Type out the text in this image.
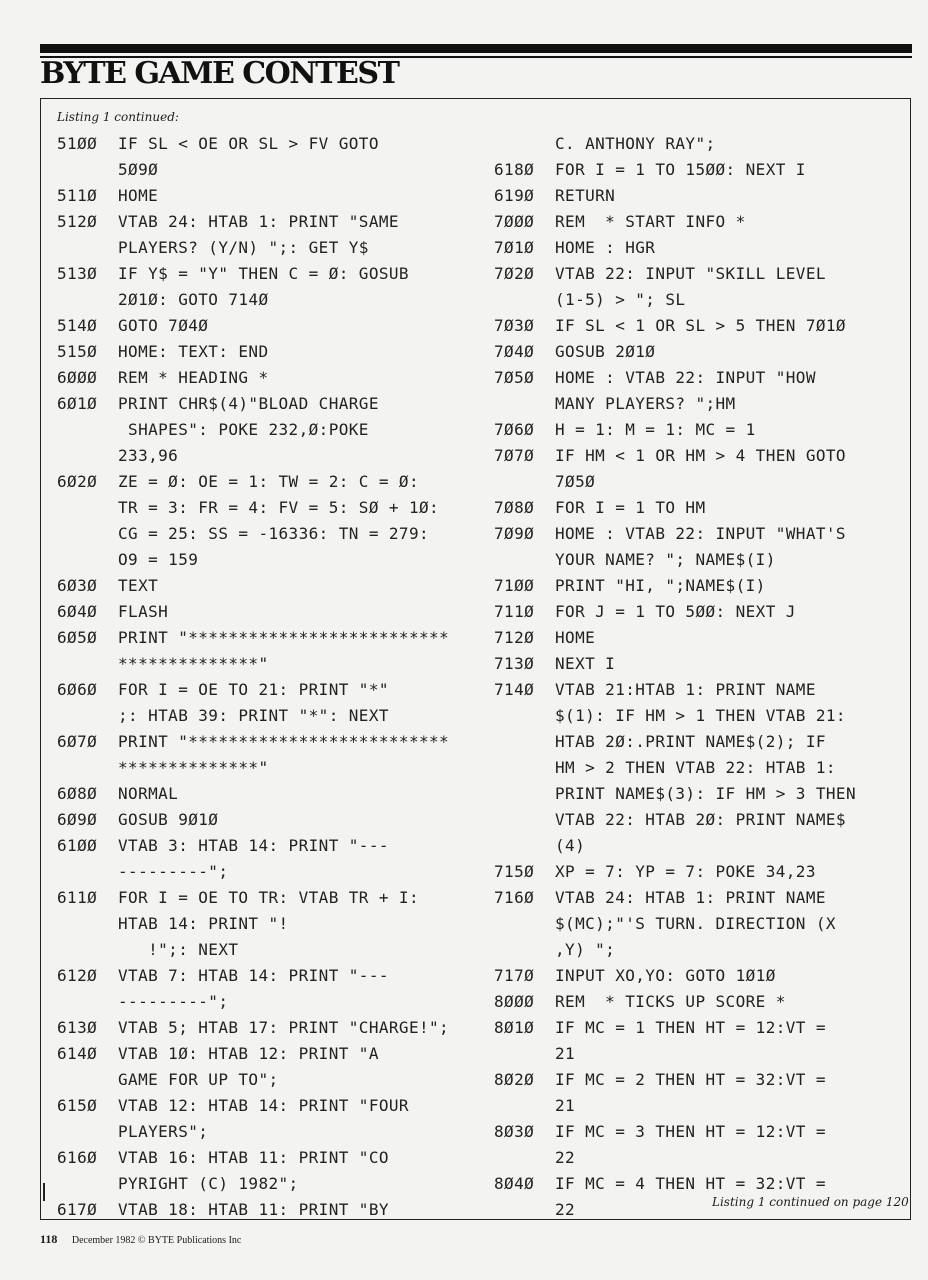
BYTE GAME CONTEST
Listing 1 continued:
51ØØ IF SL < OE OR SL > FV GOTO
5Ø9Ø
511Ø HOME
512Ø VTAB 24: HTAB 1: PRINT "SAME
PLAYERS? (Y/N) ";: GET Y$
513Ø IF Y$ = "Y" THEN C = Ø: GOSUB
2Ø1Ø: GOTO 714Ø
514Ø GOTO 7Ø4Ø
515Ø HOME: TEXT: END
6ØØØ REM * HEADING *
6Ø1Ø PRINT CHR$(4)"BLOAD CHARGE
SHAPES": POKE 232,Ø:POKE
233,96
6Ø2Ø ZE = Ø: OE = 1: TW = 2: C = Ø:
TR = 3: FR = 4: FV = 5: SØ + 1Ø:
CG = 25: SS = -16336: TN = 279:
O9 = 159
6Ø3Ø TEXT
6Ø4Ø FLASH
6Ø5Ø PRINT "**************************
**************"
6Ø6Ø FOR I = OE TO 21: PRINT "*"
;: HTAB 39: PRINT "*": NEXT
6Ø7Ø PRINT "**************************
**************"
6Ø8Ø NORMAL
6Ø9Ø GOSUB 9Ø1Ø
61ØØ VTAB 3: HTAB 14: PRINT "---
---------";
611Ø FOR I = OE TO TR: VTAB TR + I:
HTAB 14: PRINT "!
!";: NEXT
612Ø VTAB 7: HTAB 14: PRINT "---
---------";
613Ø VTAB 5; HTAB 17: PRINT "CHARGE!";
614Ø VTAB 1Ø: HTAB 12: PRINT "A
GAME FOR UP TO";
615Ø VTAB 12: HTAB 14: PRINT "FOUR
PLAYERS";
616Ø VTAB 16: HTAB 11: PRINT "CO
PYRIGHT (C) 1982";
617Ø VTAB 18: HTAB 11: PRINT "BY
C. ANTHONY RAY";
618Ø FOR I = 1 TO 15ØØ: NEXT I
619Ø RETURN
7ØØØ REM  * START INFO *
7Ø1Ø HOME : HGR
7Ø2Ø VTAB 22: INPUT "SKILL LEVEL
(1-5) > "; SL
7Ø3Ø IF SL < 1 OR SL > 5 THEN 7Ø1Ø
7Ø4Ø GOSUB 2Ø1Ø
7Ø5Ø HOME : VTAB 22: INPUT "HOW
MANY PLAYERS? ";HM
7Ø6Ø H = 1: M = 1: MC = 1
7Ø7Ø IF HM < 1 OR HM > 4 THEN GOTO
7Ø5Ø
7Ø8Ø FOR I = 1 TO HM
7Ø9Ø HOME : VTAB 22: INPUT "WHAT'S
YOUR NAME? "; NAME$(I)
71ØØ PRINT "HI, ";NAME$(I)
711Ø FOR J = 1 TO 5ØØ: NEXT J
712Ø HOME
713Ø NEXT I
714Ø VTAB 21:HTAB 1: PRINT NAME
$(1): IF HM > 1 THEN VTAB 21:
HTAB 2Ø:.PRINT NAME$(2); IF
HM > 2 THEN VTAB 22: HTAB 1:
PRINT NAME$(3): IF HM > 3 THEN
VTAB 22: HTAB 2Ø: PRINT NAME$
(4)
715Ø XP = 7: YP = 7: POKE 34,23
716Ø VTAB 24: HTAB 1: PRINT NAME
$(MC);"'S TURN. DIRECTION (X
,Y) ";
717Ø INPUT XO,YO: GOTO 1Ø1Ø
8ØØØ REM  * TICKS UP SCORE *
8Ø1Ø IF MC = 1 THEN HT = 12:VT =
21
8Ø2Ø IF MC = 2 THEN HT = 32:VT =
21
8Ø3Ø IF MC = 3 THEN HT = 12:VT =
22
8Ø4Ø IF MC = 4 THEN HT = 32:VT =
22	Listing 1 continued on page 120
118 December 1982 © BYTE Publications Inc
